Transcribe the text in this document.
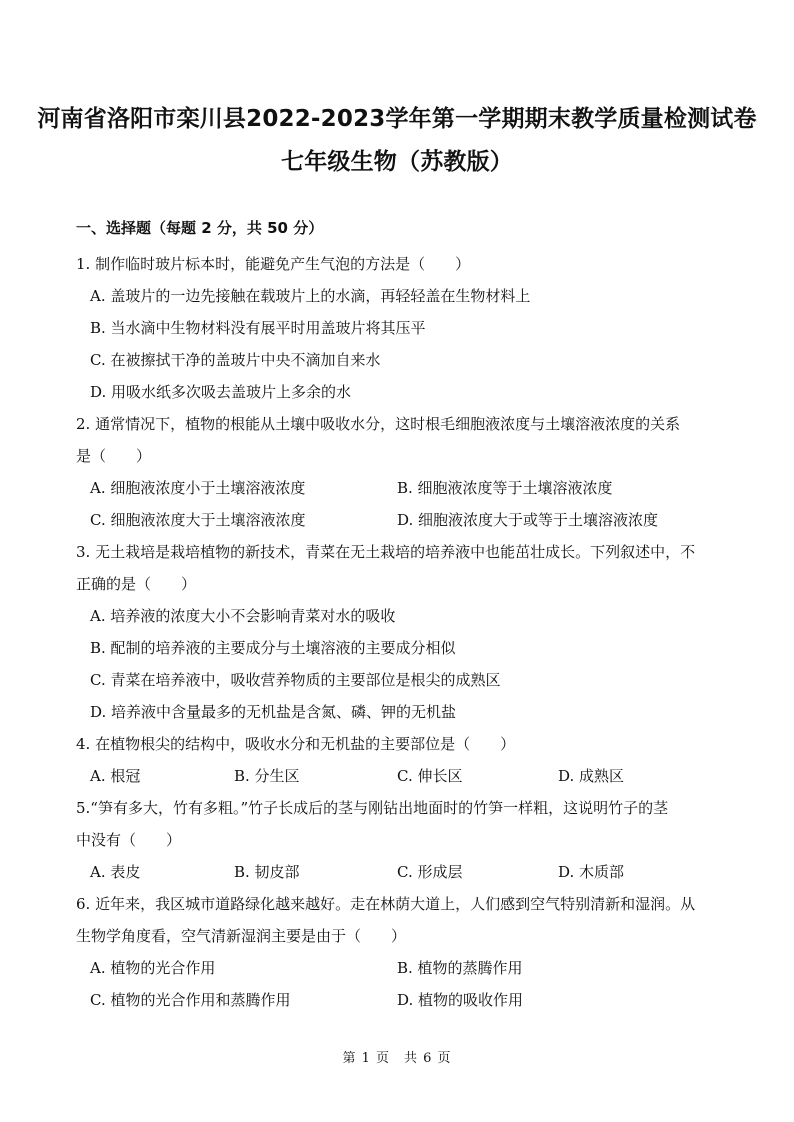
河南省洛阳市栾川县2022-2023学年第一学期期末教学质量检测试卷
七年级生物（苏教版）
一、选择题（每题 2 分，共 50 分）
1. 制作临时玻片标本时，能避免产生气泡的方法是（　　）
A. 盖玻片的一边先接触在载玻片上的水滴，再轻轻盖在生物材料上
B. 当水滴中生物材料没有展平时用盖玻片将其压平
C. 在被擦拭干净的盖玻片中央不滴加自来水
D. 用吸水纸多次吸去盖玻片上多余的水
2. 通常情况下，植物的根能从土壤中吸收水分，这时根毛细胞液浓度与土壤溶液浓度的关系
是（　　）
A. 细胞液浓度小于土壤溶液浓度	B. 细胞液浓度等于土壤溶液浓度
C. 细胞液浓度大于土壤溶液浓度	D. 细胞液浓度大于或等于土壤溶液浓度
3. 无土栽培是栽培植物的新技术，青菜在无土栽培的培养液中也能茁壮成长。下列叙述中，不
正确的是（　　）
A. 培养液的浓度大小不会影响青菜对水的吸收
B. 配制的培养液的主要成分与土壤溶液的主要成分相似
C. 青菜在培养液中，吸收营养物质的主要部位是根尖的成熟区
D. 培养液中含量最多的无机盐是含氮、磷、钾的无机盐
4. 在植物根尖的结构中，吸收水分和无机盐的主要部位是（　　）
A. 根冠	B. 分生区	C. 伸长区	D. 成熟区
5.“笋有多大，竹有多粗。”竹子长成后的茎与刚钻出地面时的竹笋一样粗，这说明竹子的茎
中没有（　　）
A. 表皮	B. 韧皮部	C. 形成层	D. 木质部
6. 近年来，我区城市道路绿化越来越好。走在林荫大道上，人们感到空气特别清新和湿润。从
生物学角度看，空气清新湿润主要是由于（　　）
A. 植物的光合作用	B. 植物的蒸腾作用
C. 植物的光合作用和蒸腾作用	D. 植物的吸收作用
第 1 页　共 6 页
